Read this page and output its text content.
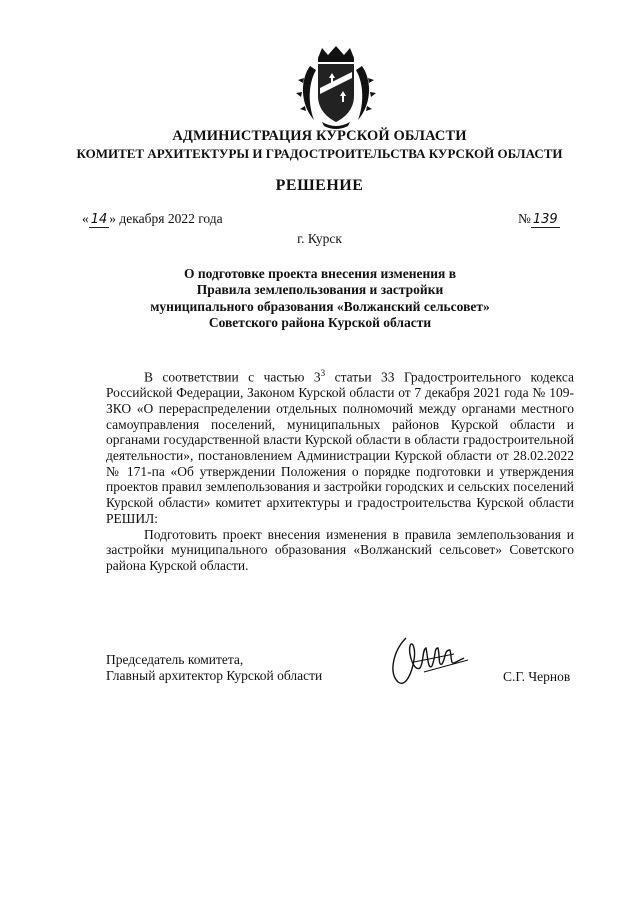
АДМИНИСТРАЦИЯ КУРСКОЙ ОБЛАСТИ
КОМИТЕТ АРХИТЕКТУРЫ И ГРАДОСТРОИТЕЛЬСТВА КУРСКОЙ ОБЛАСТИ
РЕШЕНИЕ
« 14 » декабря 2022 года	№ 139
г. Курск
О подготовке проекта внесения изменения в
Правила землепользования и застройки
муниципального образования «Волжанский сельсовет»
Советского района Курской области

В соответствии с частью $3^3$ статьи 33 Градостроительного кодекса Российской Федерации, Законом Курской области от 7 декабря 2021 года № 109-ЗКО «О перераспределении отдельных полномочий между органами местного самоуправления поселений, муниципальных районов Курской области и органами государственной власти Курской области в области градостроительной деятельности», постановлением Администрации Курской области от 28.02.2022 № 171-па «Об утверждении Положения о порядке подготовки и утверждения проектов правил землепользования и застройки городских и сельских поселений Курской области» комитет архитектуры и градостроительства Курской области РЕШИЛ:

Подготовить проект внесения изменения в правила землепользования и застройки муниципального образования «Волжанский сельсовет» Советского района Курской области.

Председатель комитета,
Главный архитектор Курской области	С.Г. Чернов
